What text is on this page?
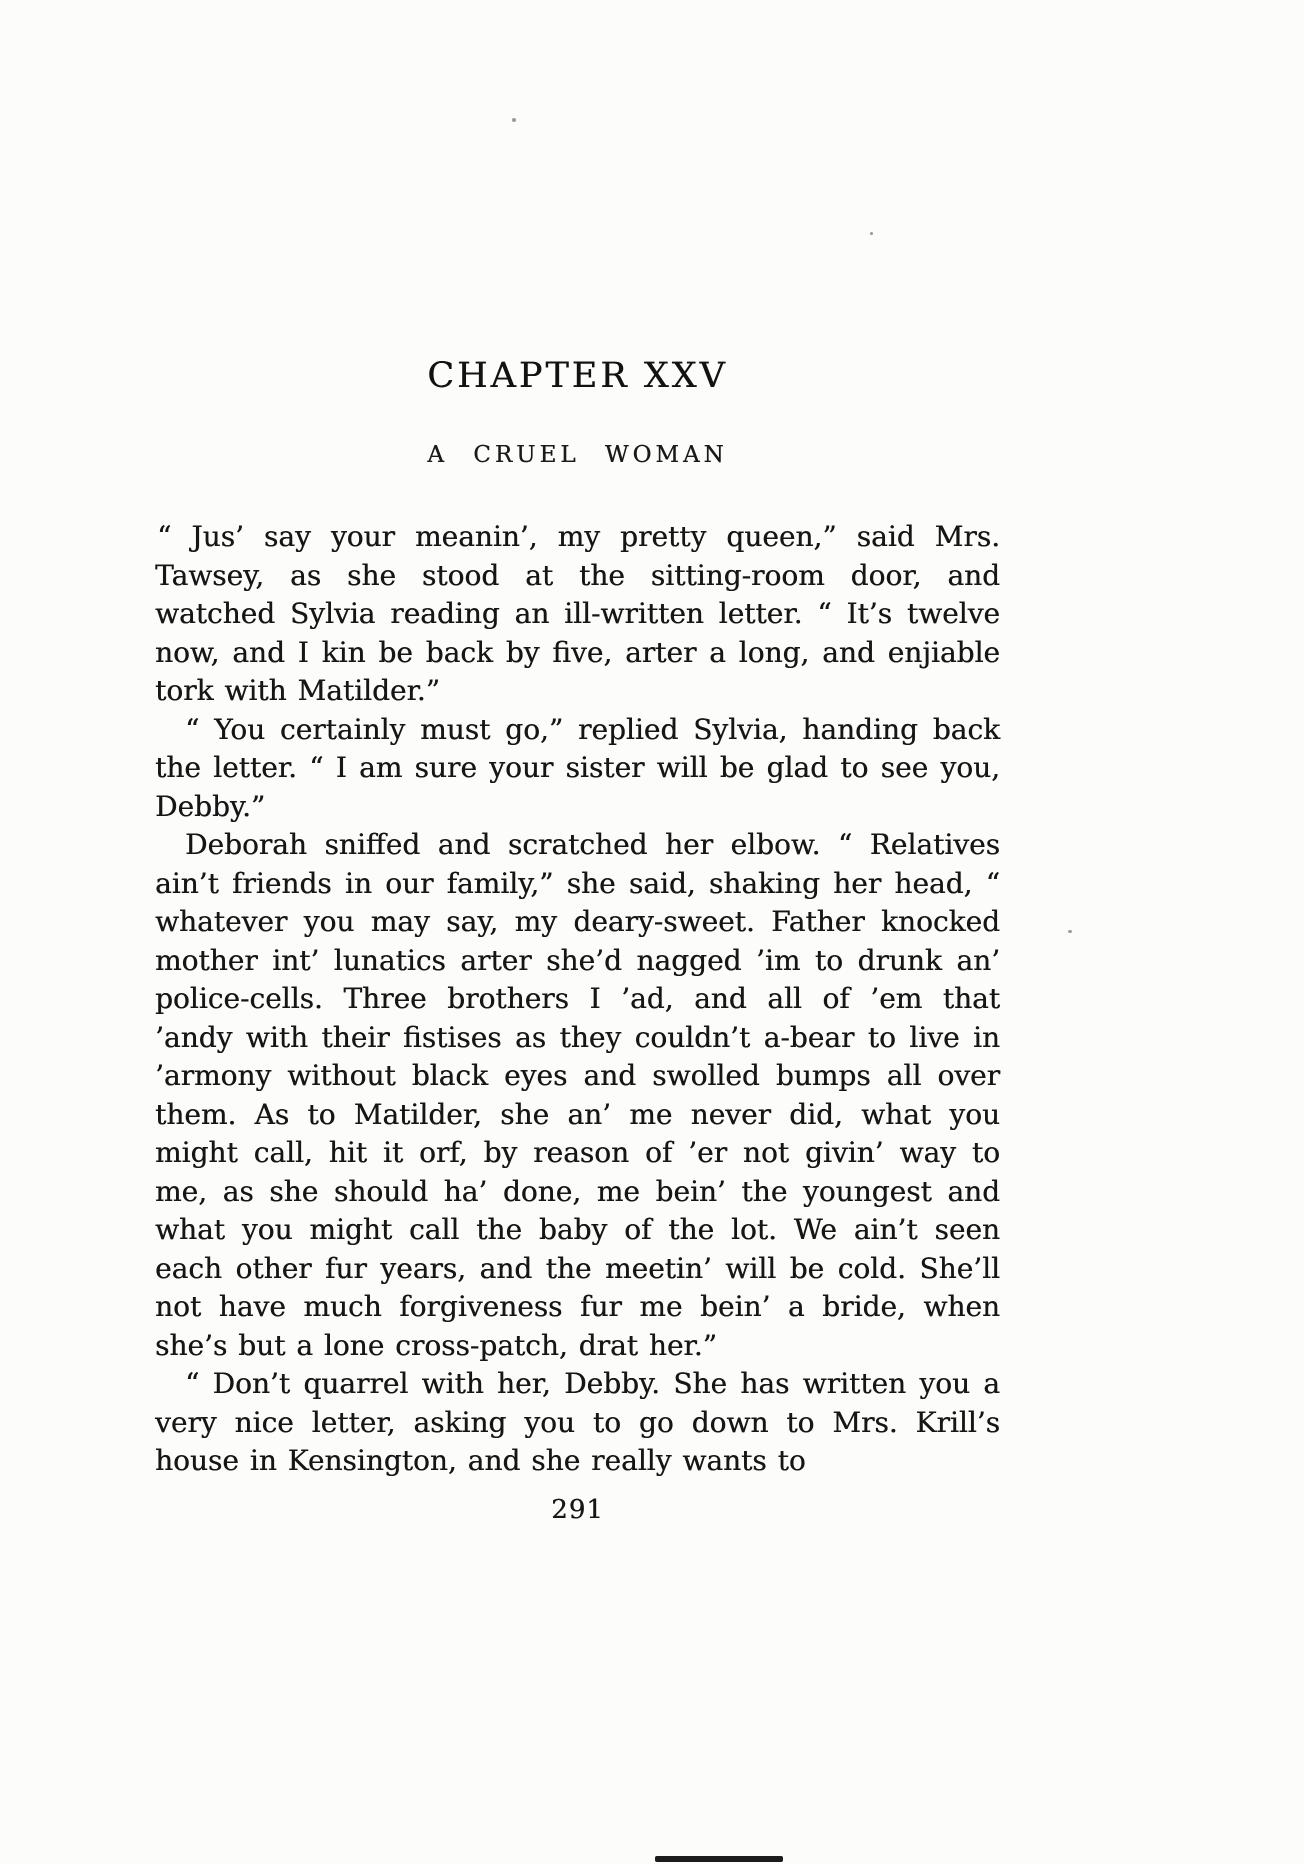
CHAPTER XXV
A CRUEL WOMAN

“ Jus’ say your meanin’, my pretty queen,” said Mrs. Tawsey, as she stood at the sitting-room door, and watched Sylvia reading an ill-written letter. “ It’s twelve now, and I kin be back by five, arter a long, and enjiable tork with Matilder.”

“ You certainly must go,” replied Sylvia, handing back the letter. “ I am sure your sister will be glad to see you, Debby.”

Deborah sniffed and scratched her elbow. “ Relatives ain’t friends in our family,” she said, shaking her head, “ whatever you may say, my deary-sweet. Father knocked mother int’ lunatics arter she’d nagged ’im to drunk an’ police-cells. Three brothers I ’ad, and all of ’em that ’andy with their fistises as they couldn’t a-bear to live in ’armony without black eyes and swolled bumps all over them. As to Matilder, she an’ me never did, what you might call, hit it orf, by reason of ’er not givin’ way to me, as she should ha’ done, me bein’ the youngest and what you might call the baby of the lot. We ain’t seen each other fur years, and the meetin’ will be cold. She’ll not have much forgiveness fur me bein’ a bride, when she’s but a lone cross-patch, drat her.”

“ Don’t quarrel with her, Debby. She has written you a very nice letter, asking you to go down to Mrs. Krill’s house in Kensington, and she really wants to

291
